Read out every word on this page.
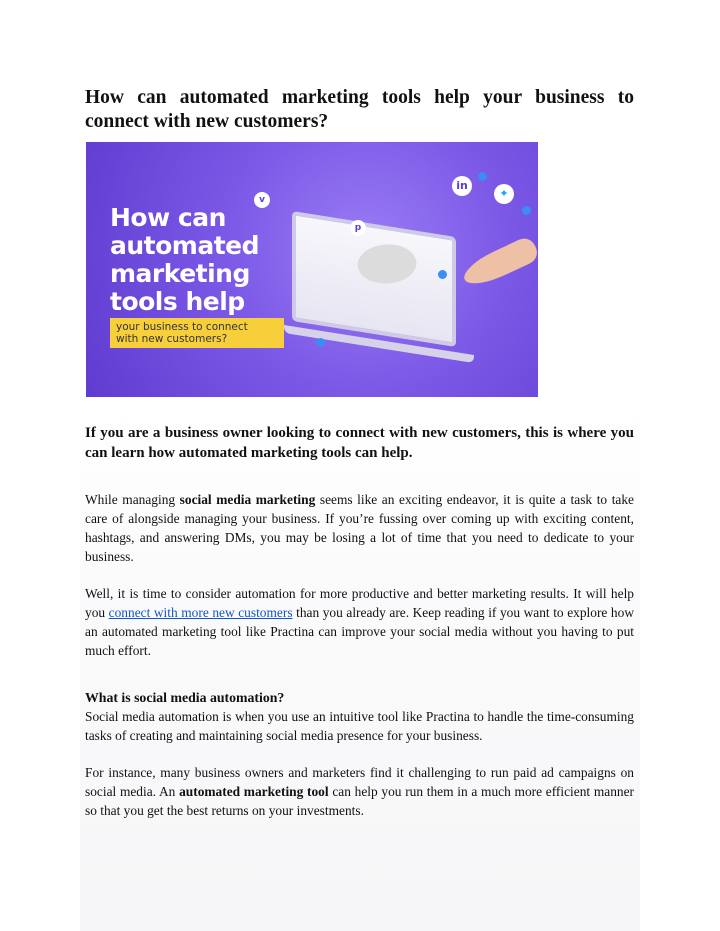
How can automated marketing tools help your business to connect with new customers?
How can
automated
marketing
tools help
your business to connect
with new customers?
v
in
✦
p

If you are a business owner looking to connect with new customers, this is where you can learn how automated marketing tools can help.

While managing social media marketing seems like an exciting endeavor, it is quite a task to take care of alongside managing your business. If you’re fussing over coming up with exciting content, hashtags, and answering DMs, you may be losing a lot of time that you need to dedicate to your business.

Well, it is time to consider automation for more productive and better marketing results. It will help you connect with more new customers than you already are. Keep reading if you want to explore how an automated marketing tool like Practina can improve your social media without you having to put much effort.

What is social media automation?

Social media automation is when you use an intuitive tool like Practina to handle the time-consuming tasks of creating and maintaining social media presence for your business.

For instance, many business owners and marketers find it challenging to run paid ad campaigns on social media. An automated marketing tool can help you run them in a much more efficient manner so that you get the best returns on your investments.
